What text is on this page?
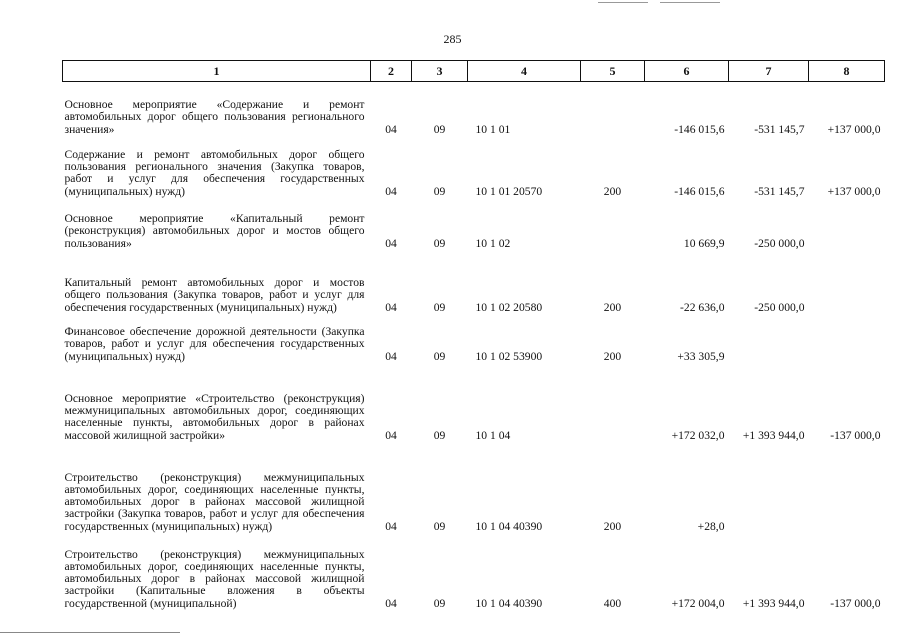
285
1	2	3	4	5	6	7	8

Основное мероприятие «Содержание и ремонт автомобильных дорог общего пользования регионального значения»	04	09	10 1 01		-146 015,6	-531 145,7	+137 000,0

Содержание и ремонт автомобильных дорог общего пользования регионального значения (Закупка товаров, работ и услуг для обеспечения государственных (муниципальных) нужд)	04	09	10 1 01 20570	200	-146 015,6	-531 145,7	+137 000,0

Основное мероприятие «Капитальный ремонт (реконструкция) автомобильных дорог и мостов общего пользования»	04	09	10 1 02		10 669,9	-250 000,0	

Капитальный ремонт автомобильных дорог и мостов общего пользования (Закупка товаров, работ и услуг для обеспечения государственных (муниципальных) нужд)	04	09	10 1 02 20580	200	-22 636,0	-250 000,0	

Финансовое обеспечение дорожной деятельности (Закупка товаров, работ и услуг для обеспечения государственных (муниципальных) нужд)	04	09	10 1 02 53900	200	+33 305,9		

Основное мероприятие «Строительство (реконструкция) межмуниципальных автомобильных дорог, соединяющих населенные пункты, автомобильных дорог в районах массовой жилищной застройки»	04	09	10 1 04		+172 032,0	+1 393 944,0	-137 000,0

Строительство (реконструкция) межмуниципальных автомобильных дорог, соединяющих населенные пункты, автомобильных дорог в районах массовой жилищной застройки (Закупка товаров, работ и услуг для обеспечения государственных (муниципальных) нужд)	04	09	10 1 04 40390	200	+28,0		

Строительство (реконструкция) межмуниципальных автомобильных дорог, соединяющих населенные пункты, автомобильных дорог в районах массовой жилищной застройки (Капитальные вложения в объекты государственной (муниципальной)	04	09	10 1 04 40390	400	+172 004,0	+1 393 944,0	-137 000,0
